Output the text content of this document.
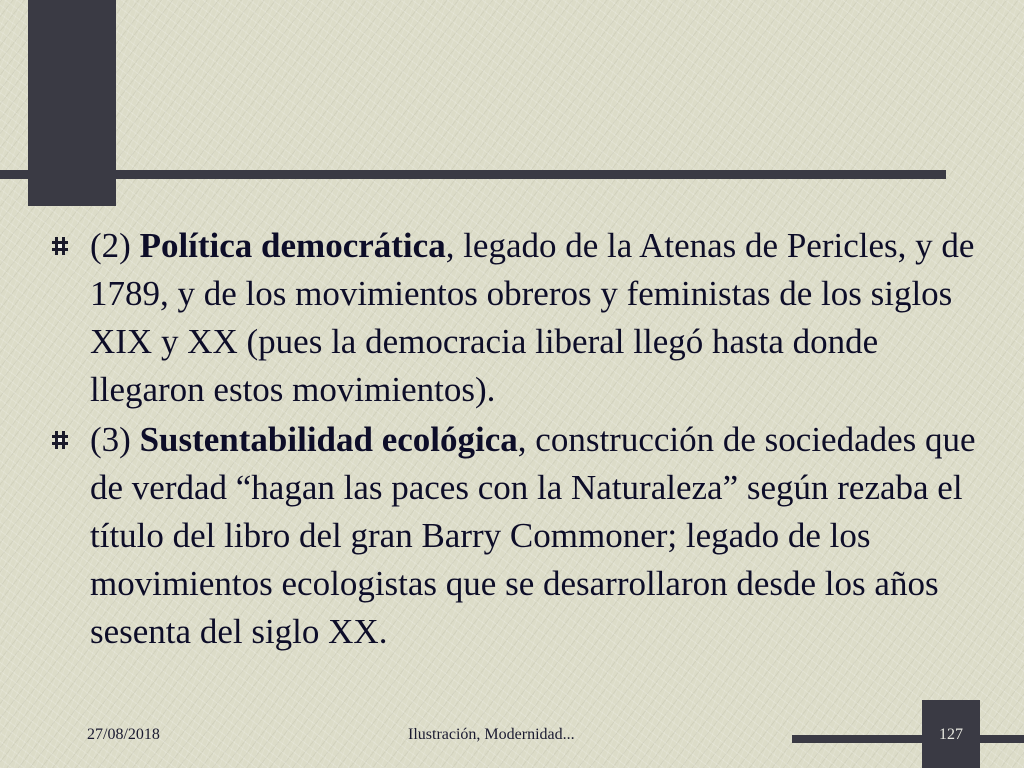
(2) Política democrática, legado de la Atenas de Pericles, y de 1789, y de los movimientos obreros y feministas de los siglos XIX y XX (pues la democracia liberal llegó hasta donde llegaron estos movimientos).
(3) Sustentabilidad ecológica, construcción de sociedades que de verdad “hagan las paces con la Naturaleza” según rezaba el título del libro del gran Barry Commoner; legado de los movimientos ecologistas que se desarrollaron desde los años sesenta del siglo XX.
27/08/2018	Ilustración, Modernidad...	127
